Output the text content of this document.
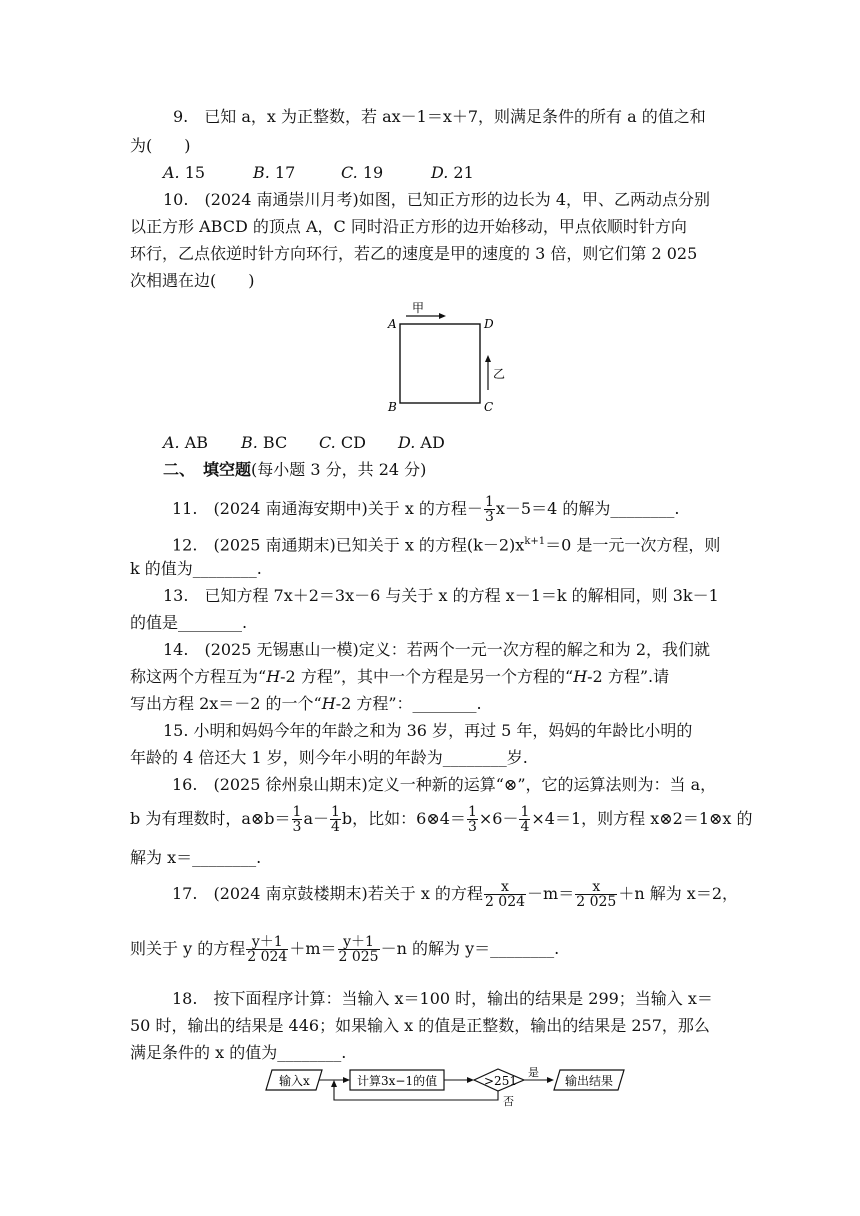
9.　已知 a，x 为正整数，若 ax－1＝x＋7，则满足条件的所有 a 的值之和
为(　　)
A. 15	B. 17	C. 19	D. 21
10.　(2024 南通崇川月考)如图，已知正方形的边长为 4，甲、乙两动点分别
以正方形 ABCD 的顶点 A，C 同时沿正方形的边开始移动，甲点依顺时针方向
环行，乙点依逆时针方向环行，若乙的速度是甲的速度的 3 倍，则它们第 2 025
次相遇在边(　　)
A	D
B	C
甲
乙
A. AB B. BC C. CD D. AD
二、　填空题(每小题 3 分，共 24 分)
11.　(2024 南通海安期中)关于 x 的方程－ $\frac{1}{3} x-5=4$ 的解为________.
12.　(2025 南通期末)已知关于 x 的方程$(k-2)x^{k+1}=0$ 是一元一次方程，则
k 的值为________.
13.　已知方程 7x＋2＝3x－6 与关于 x 的方程 x－1＝k 的解相同，则 3k－1
的值是________.
14.　(2025 无锡惠山一模)定义：若两个一元一次方程的解之和为 2，我们就
称这两个方程互为“H-2 方程”，其中一个方程是另一个方程的“H-2 方程”.请
写出方程 2x＝－2 的一个“H-2 方程”：________.
15. 小明和妈妈今年的年龄之和为 36 岁，再过 5 年，妈妈的年龄比小明的
年龄的 4 倍还大 1 岁，则今年小明的年龄为________岁.
16.　(2025 徐州泉山期末)定义一种新的运算“⊗”，它的运算法则为：当 a，
b 为有理数时，a⊗b＝ $\frac{1}{3} a- \frac{1}{4}$ b，比如：6⊗4＝ $\frac{1}{3} \times 6- \frac{1}{4} \times 4=1$，则方程 x⊗2＝1⊗x 的
解为 x＝________.
17.　(2024 南京鼓楼期末)若关于 x 的方程 $\frac{x}{2 024} -m= \frac{x}{2 025} +n$ 解为 x＝2，
则关于 y 的方程 $\frac{y+1}{2 024} +m= \frac{y+1}{2 025} -n$ 的解为 y＝________.
18.　按下面程序计算：当输入 x＝100 时，输出的结果是 299；当输入 x＝
50 时，输出的结果是 446；如果输入 x 的值是正整数，输出的结果是 257，那么
满足条件的 x 的值为________.
输入x	计算3x−1的值	>251
是
输出结果
否
